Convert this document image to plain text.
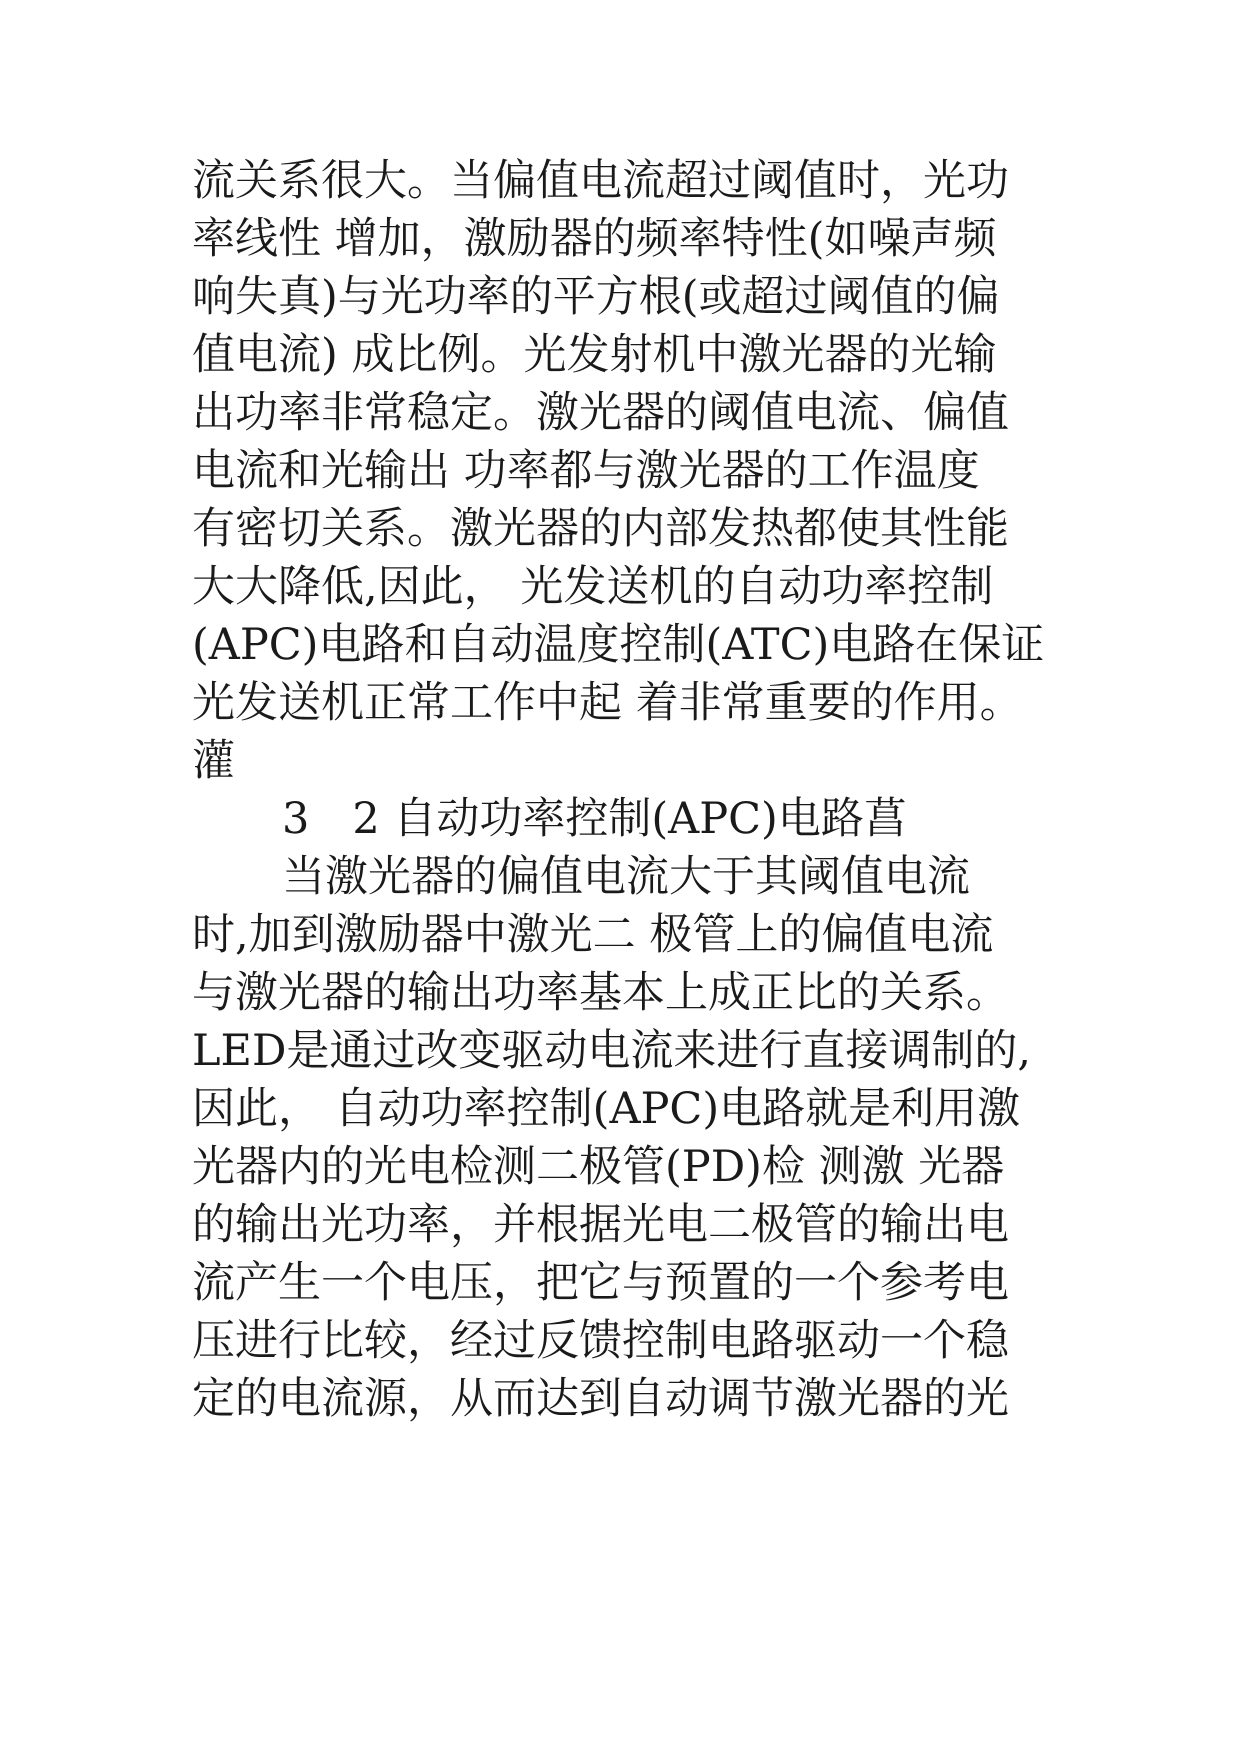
流关系很大。当偏值电流超过阈值时，光功

率线性 增加，激励器的频率特性(如噪声频

响失真)与光功率的平方根(或超过阈值的偏

值电流) 成比例。光发射机中激光器的光输

出功率非常稳定。激光器的阈值电流、偏值

电流和光输出 功率都与激光器的工作温度

有密切关系。激光器的内部发热都使其性能

大大降低,因此， 光发送机的自动功率控制

(APC)电路和自动温度控制(ATC)电路在保证

光发送机正常工作中起 着非常重要的作用。

灌

3　2 自动功率控制(APC)电路菖

当激光器的偏值电流大于其阈值电流

时,加到激励器中激光二 极管上的偏值电流

与激光器的输出功率基本上成正比的关系。

LED是通过改变驱动电流来进行直接调制的,

因此， 自动功率控制(APC)电路就是利用激

光器内的光电检测二极管(PD)检 测激 光器

的输出光功率，并根据光电二极管的输出电

流产生一个电压，把它与预置的一个参考电

压进行比较，经过反馈控制电路驱动一个稳

定的电流源，从而达到自动调节激光器的光
